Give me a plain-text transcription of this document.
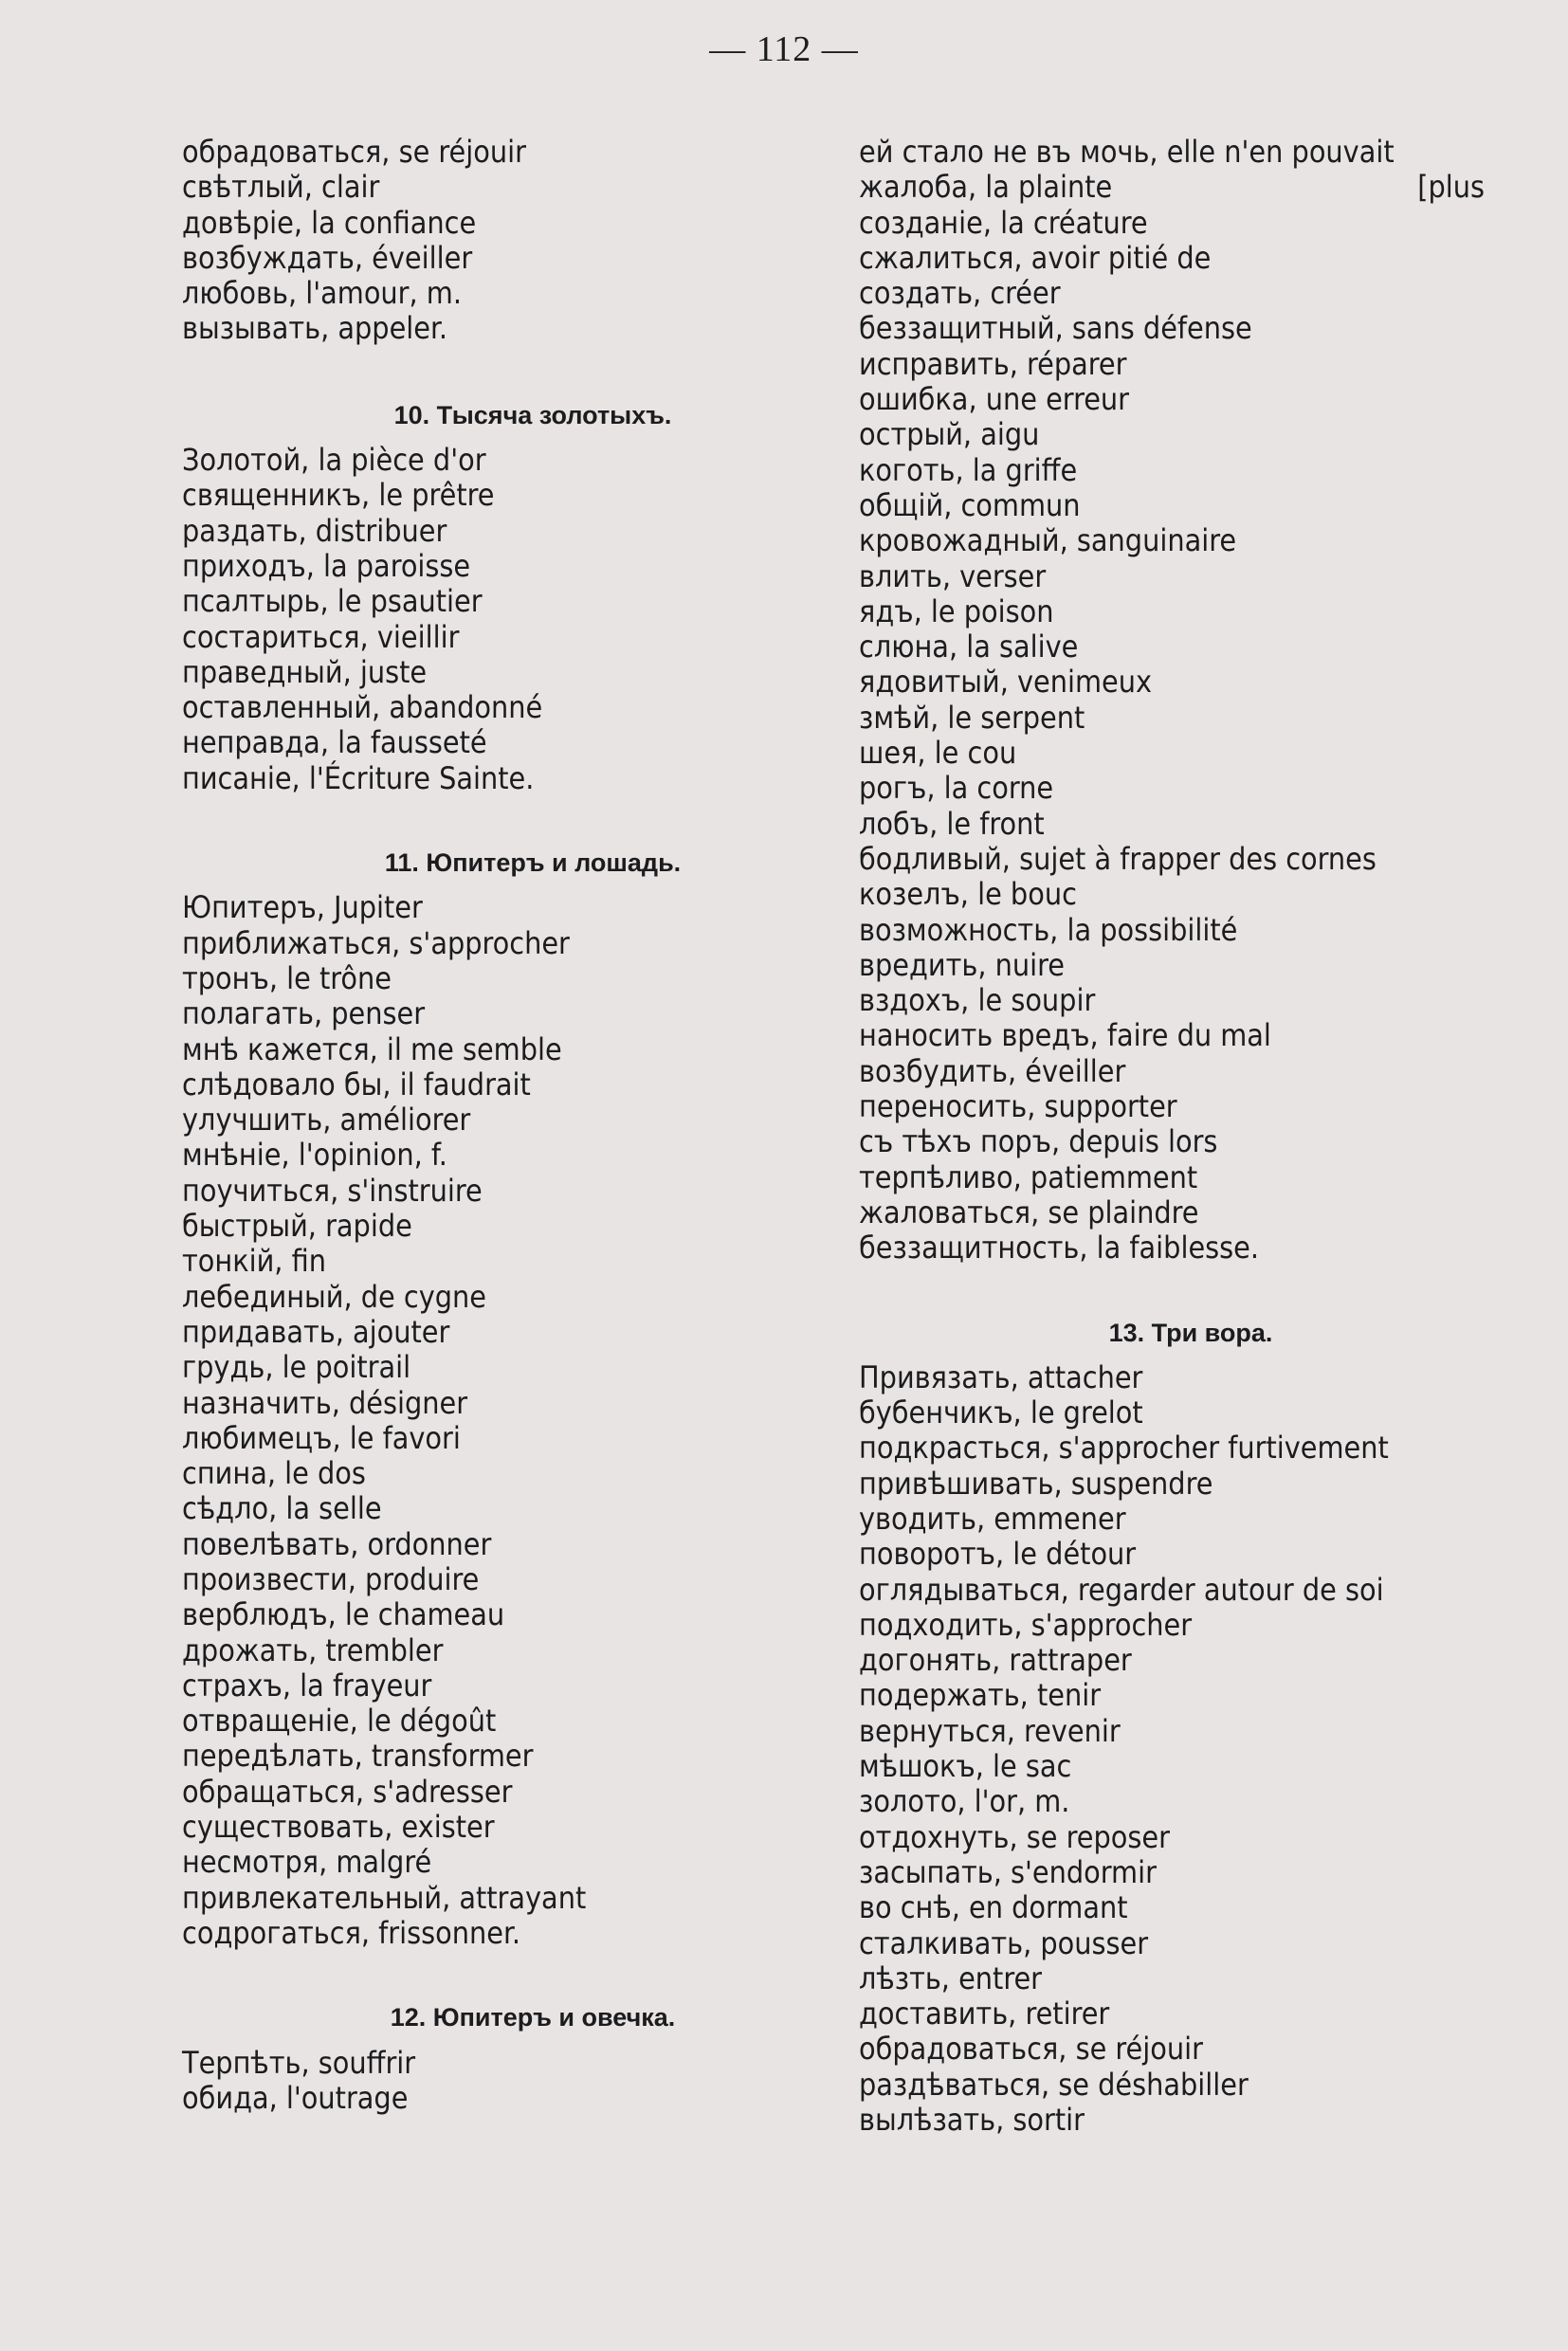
— 112 —
обрадоваться, se réjouir
свѣтлый, clair
довѣріе, la confiance
возбуждать, éveiller
любовь, l'amour, m.
вызывать, appeler.
10. Тысяча золотыхъ.
Золотой, la pièce d'or
священникъ, le prêtre
раздать, distribuer
приходъ, la paroisse
псалтырь, le psautier
состариться, vieillir
праведный, juste
оставленный, abandonné
неправда, la fausseté
писаніе, l'Écriture Sainte.
11. Юпитеръ и лошадь.
Юпитеръ, Jupiter
приближаться, s'approcher
тронъ, le trône
полагать, penser
мнѣ кажется, il me semble
слѣдовало бы, il faudrait
улучшить, améliorer
мнѣніе, l'opinion, f.
поучиться, s'instruire
быстрый, rapide
тонкій, fin
лебединый, de cygne
придавать, ajouter
грудь, le poitrail
назначить, désigner
любимецъ, le favori
спина, le dos
сѣдло, la selle
повелѣвать, ordonner
произвести, produire
верблюдъ, le chameau
дрожать, trembler
страхъ, la frayeur
отвращеніе, le dégoût
передѣлать, transformer
обращаться, s'adresser
существовать, exister
несмотря, malgré
привлекательный, attrayant
содрогаться, frissonner.
12. Юпитеръ и овечка.
Терпѣть, souffrir
обида, l'outrage
ей стало не въ мочь, elle n'en pouvait
жалоба, la plainte	[plus
созданіе, la créature
сжалиться, avoir pitié de
создать, créer
беззащитный, sans défense
исправить, réparer
ошибка, une erreur
острый, aigu
коготь, la griffe
общій, commun
кровожадный, sanguinaire
влить, verser
ядъ, le poison
слюна, la salive
ядовитый, venimeux
змѣй, le serpent
шея, le cou
рогъ, la corne
лобъ, le front
бодливый, sujet à frapper des cornes
козелъ, le bouc
возможность, la possibilité
вредить, nuire
вздохъ, le soupir
наносить вредъ, faire du mal
возбудить, éveiller
переносить, supporter
съ тѣхъ поръ, depuis lors
терпѣливо, patiemment
жаловаться, se plaindre
беззащитность, la faiblesse.
13. Три вора.
Привязать, attacher
бубенчикъ, le grelot
подкрасться, s'approcher furtivement
привѣшивать, suspendre
уводить, emmener
поворотъ, le détour
оглядываться, regarder autour de soi
подходить, s'approcher
догонять, rattraper
подержать, tenir
вернуться, revenir
мѣшокъ, le sac
золото, l'or, m.
отдохнуть, se reposer
засыпать, s'endormir
во снѣ, en dormant
сталкивать, pousser
лѣзть, entrer
доставить, retirer
обрадоваться, se réjouir
раздѣваться, se déshabiller
вылѣзать, sortir
